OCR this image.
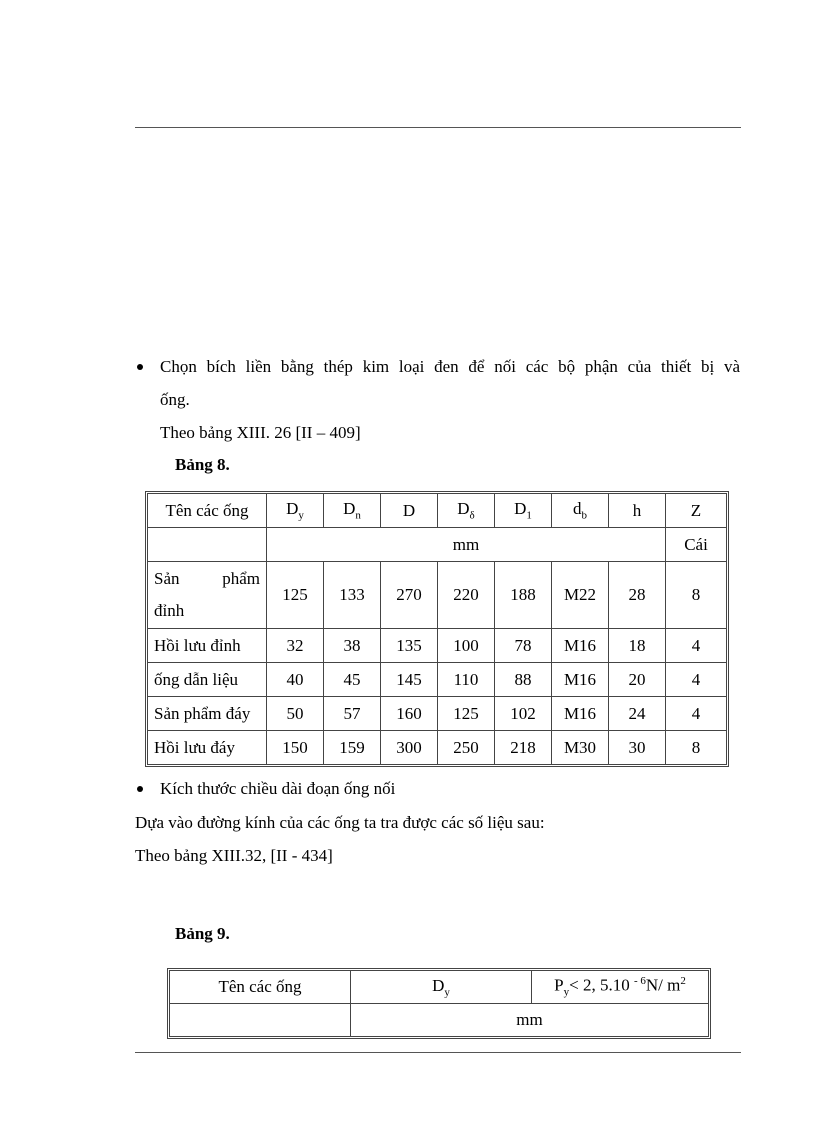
Chọn bích liền bằng thép kim loại đen để nối các bộ phận của thiết bị và
ống.
Theo bảng XIII. 26 [II – 409]
Bảng 8.
Tên các ống	$D_y$	$D_n$	D	$D_\delta$	$D_1$	$d_b$	h	Z
	mm							Cái

Sản phẩm
đỉnh	125	133	270	220	188	M22	28	8
Hồi lưu đỉnh	32	38	135	100	78	M16	18	4
ống dẫn liệu	40	45	145	110	88	M16	20	4
Sản phẩm đáy	50	57	160	125	102	M16	24	4
Hồi lưu đáy	150	159	300	250	218	M30	30	8
Kích thước chiều dài đoạn ống nối
Dựa vào đường kính của các ống ta tra được các số liệu sau:
Theo bảng XIII.32, [II - 434]
Bảng 9.
Tên các ống	$D_y$	$P_y< 2$, 5.10 $^{- 6}$N/ $m^2$
	mm	
